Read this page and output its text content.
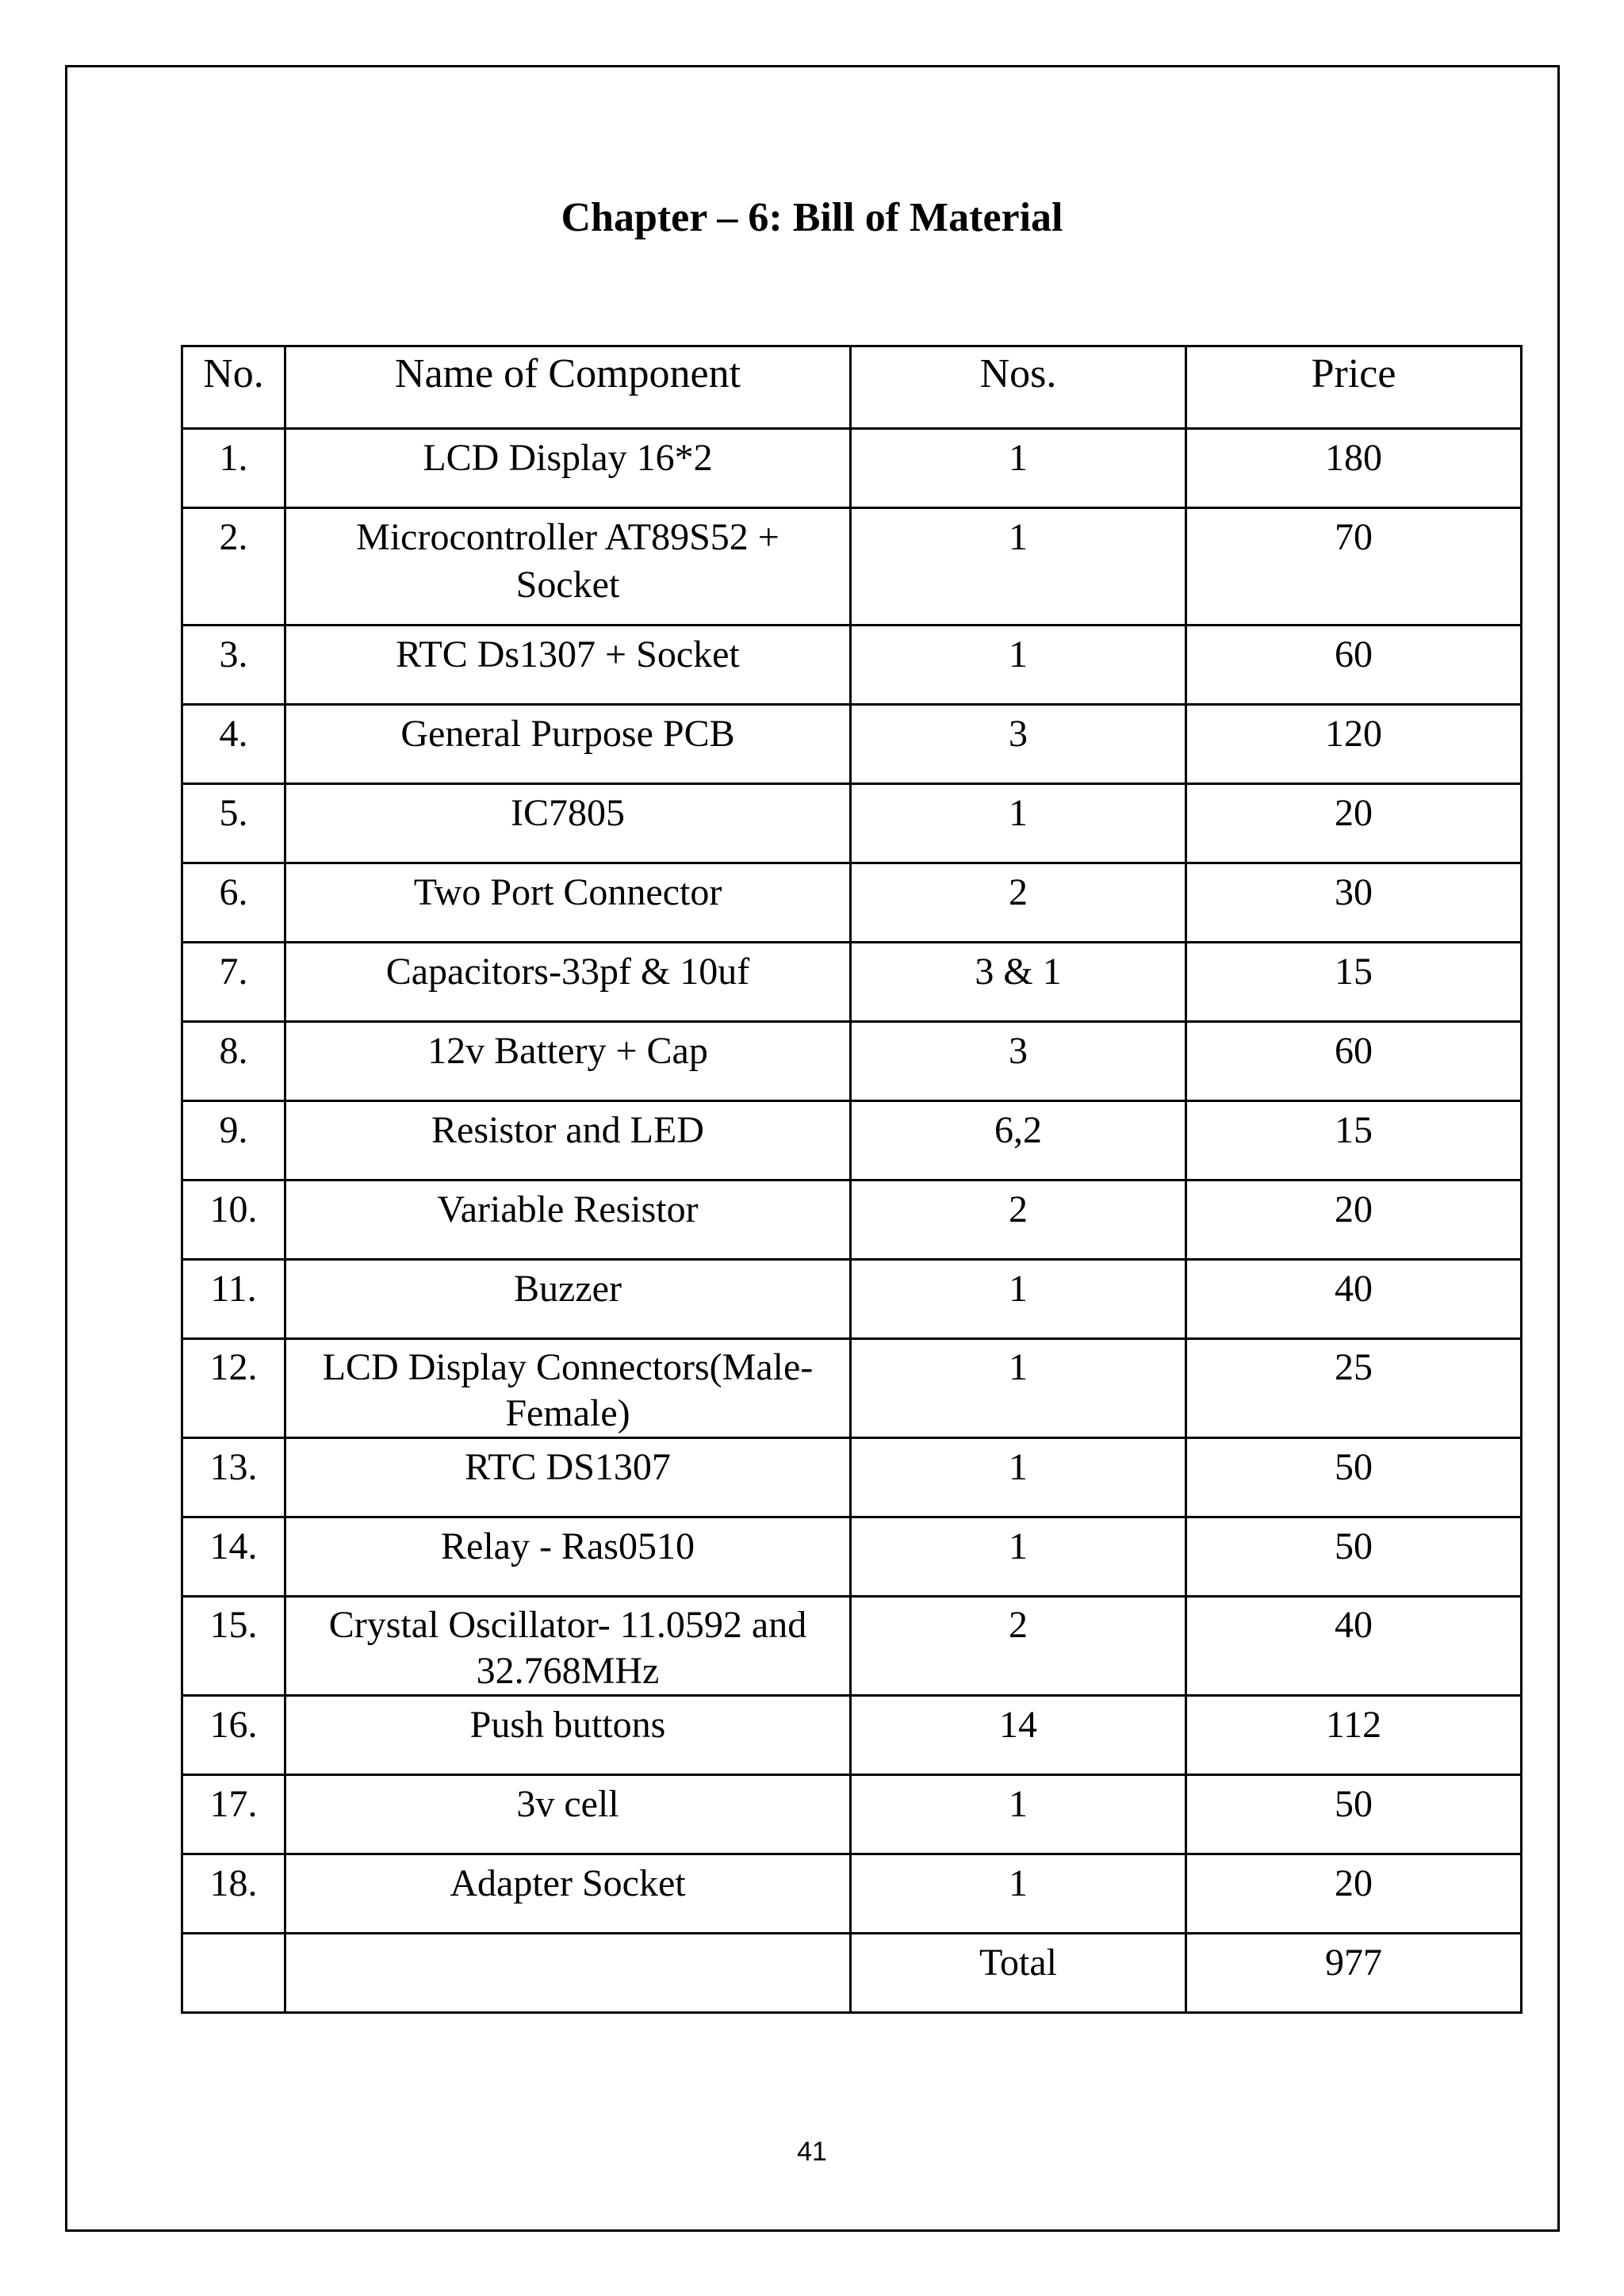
Chapter – 6: Bill of Material
No.	Name of Component	Nos.	Price
1.	LCD Display 16*2	1	180
2.	Microcontroller AT89S52 + Socket	1	70
3.	RTC Ds1307 + Socket	1	60
4.	General Purpose PCB	3	120
5.	IC7805	1	20
6.	Two Port Connector	2	30
7.	Capacitors-33pf & 10uf	3 & 1	15
8.	12v Battery + Cap	3	60
9.	Resistor and LED	6,2	15
10.	Variable Resistor	2	20
11.	Buzzer	1	40
12.	LCD Display Connectors(Male-Female)	1	25
13.	RTC DS1307	1	50
14.	Relay - Ras0510	1	50
15.	Crystal Oscillator- 11.0592 and 32.768MHz	2	40
16.	Push buttons	14	112
17.	3v cell	1	50
18.	Adapter Socket	1	20
		Total	977
41
